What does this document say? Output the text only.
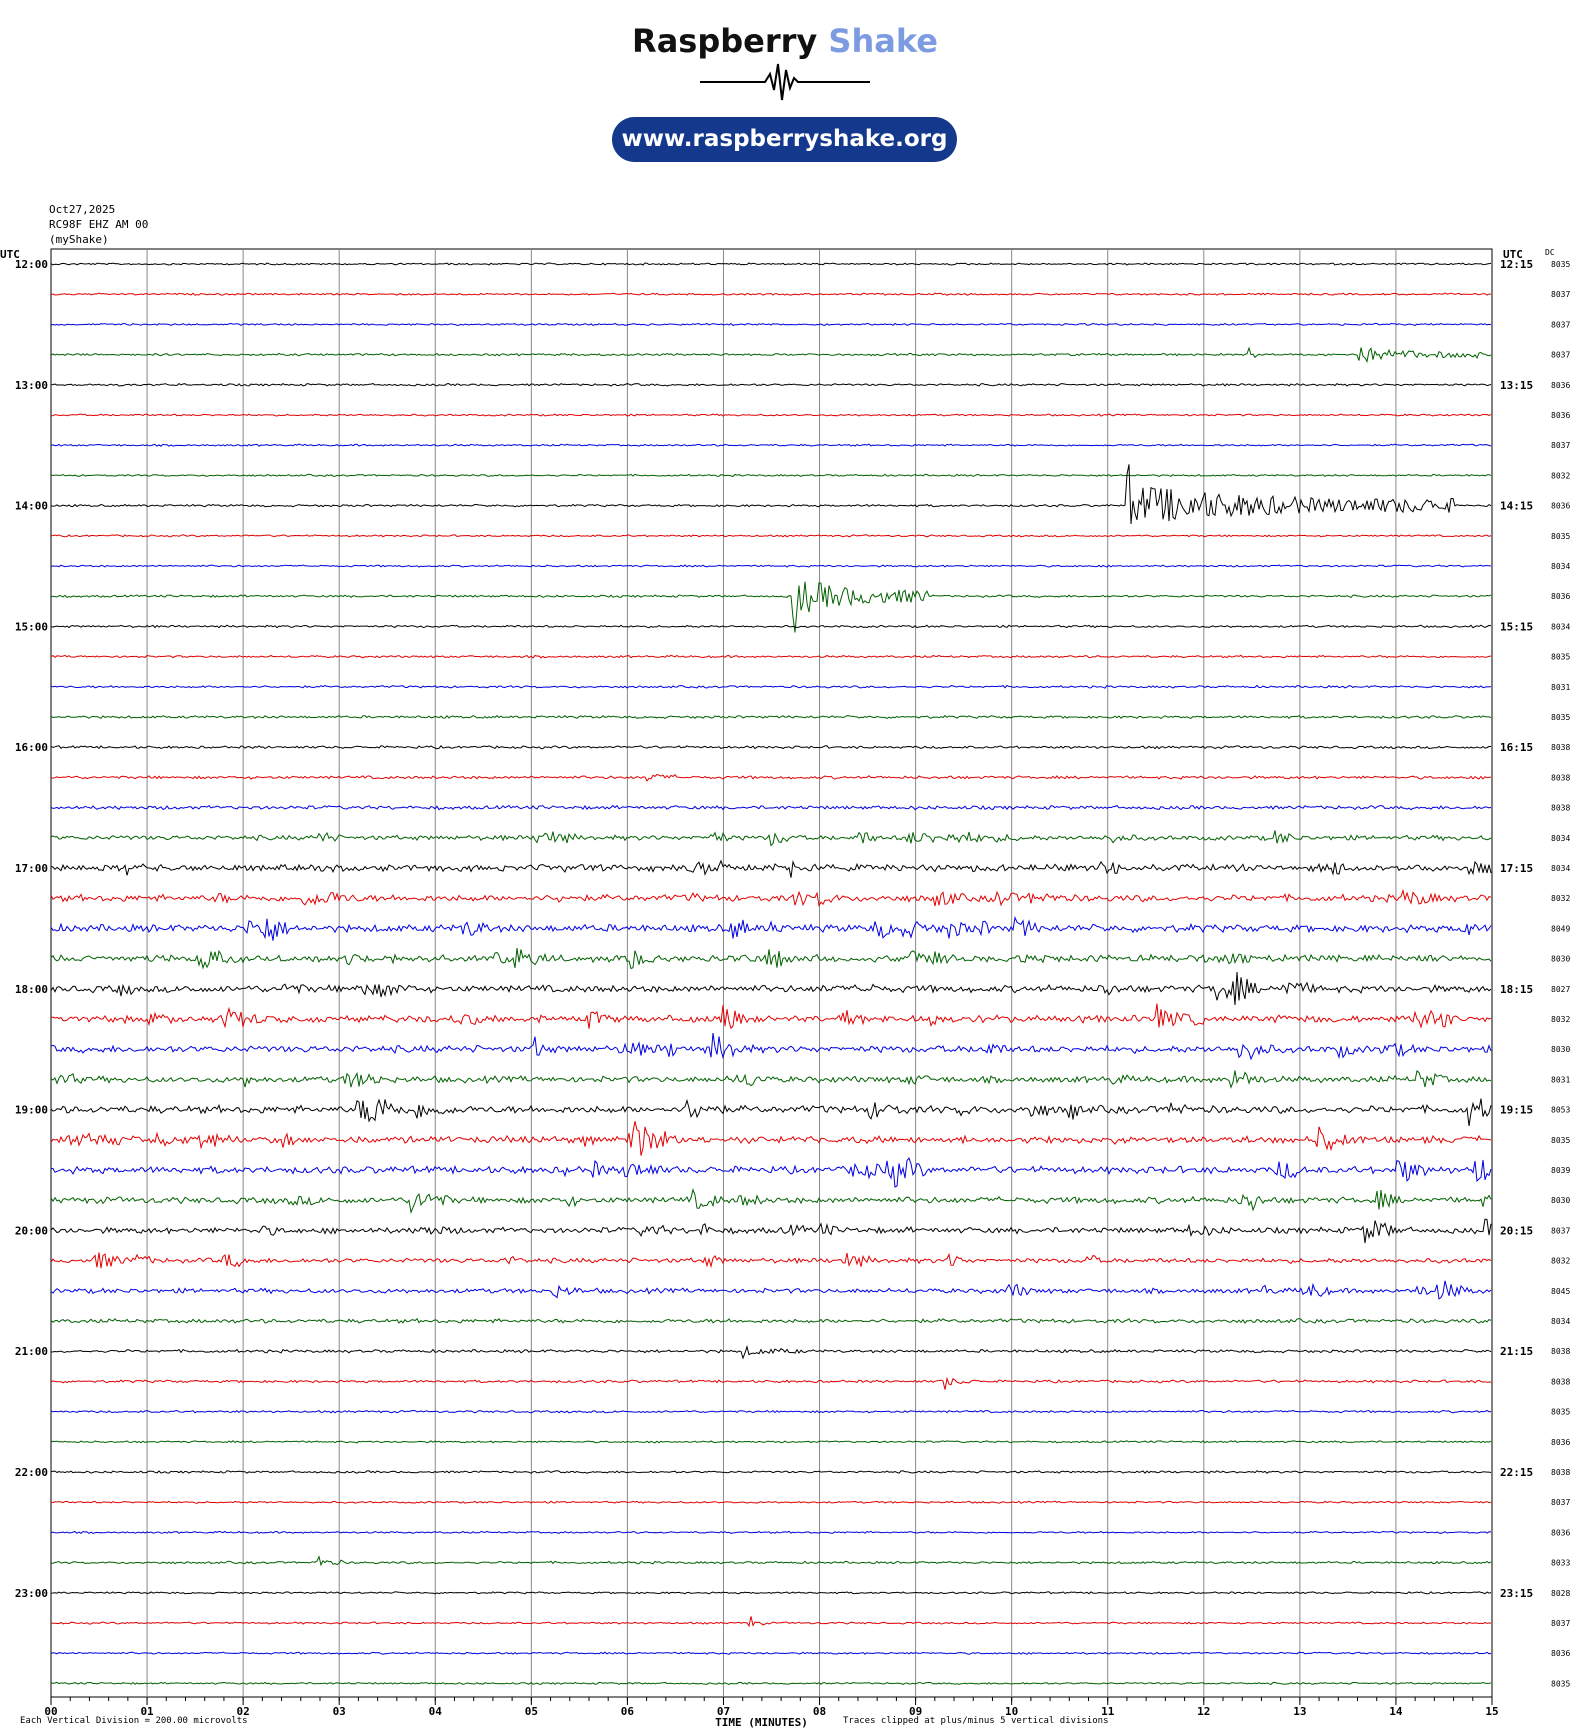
Raspberry Shake
www.raspberryshake.org
Oct27,2025
RC98F EHZ AM 00
(myShake)
00	01	02	03	04	05	06	07	08	09	10	11	12	13	14	15
TIME (MINUTES)
UTC	UTC	DC
8035
8037
8037
8037
8036
8036
8037
8032
8036
8035
8034
8036
8034
8035
8031
8035
8038
8038
8038
8034
8034
8032
8049
8030
8027
8032
8030
8031
8053
8035
8039
8030
8037
8032
8045
8034
8038
8038
8035
8036
8038
8037
8036
8033
8028
8037
8036
8035
12:00
13:00
14:00
15:00
16:00
17:00
18:00
19:00
20:00
21:00
22:00
23:00
12:15
13:15
14:15
15:15
16:15
17:15
18:15
19:15
20:15
21:15
22:15
23:15
Each Vertical Division = 200.00 microvolts	Traces clipped at plus/minus 5 vertical divisions
